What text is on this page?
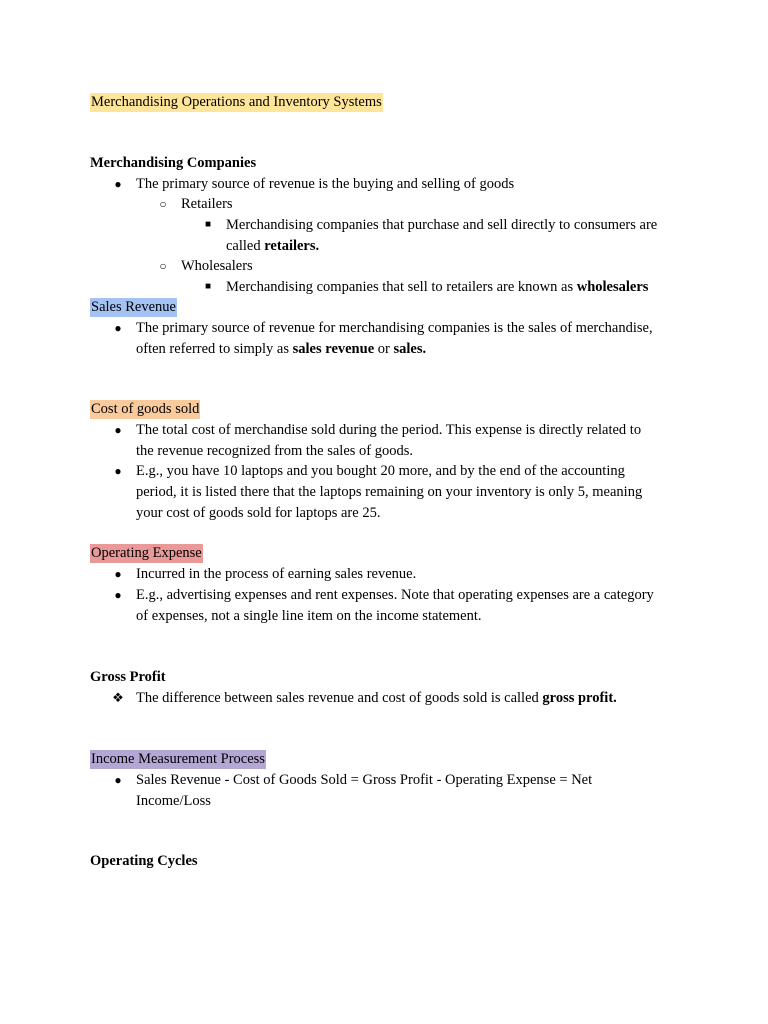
Merchandising Operations and Inventory Systems
Merchandising Companies
● The primary source of revenue is the buying and selling of goods
○ Retailers
■ Merchandising companies that purchase and sell directly to consumers are
called retailers.
○ Wholesalers
■ Merchandising companies that sell to retailers are known as wholesalers
Sales Revenue
● The primary source of revenue for merchandising companies is the sales of merchandise,
often referred to simply as sales revenue or sales.
Cost of goods sold
● The total cost of merchandise sold during the period. This expense is directly related to
the revenue recognized from the sales of goods.
● E.g., you have 10 laptops and you bought 20 more, and by the end of the accounting
period, it is listed there that the laptops remaining on your inventory is only 5, meaning
your cost of goods sold for laptops are 25.
Operating Expense
● Incurred in the process of earning sales revenue.
● E.g., advertising expenses and rent expenses. Note that operating expenses are a category
of expenses, not a single line item on the income statement.
Gross Profit
❖ The difference between sales revenue and cost of goods sold is called gross profit.
Income Measurement Process
● Sales Revenue - Cost of Goods Sold = Gross Profit - Operating Expense = Net
Income/Loss
Operating Cycles
